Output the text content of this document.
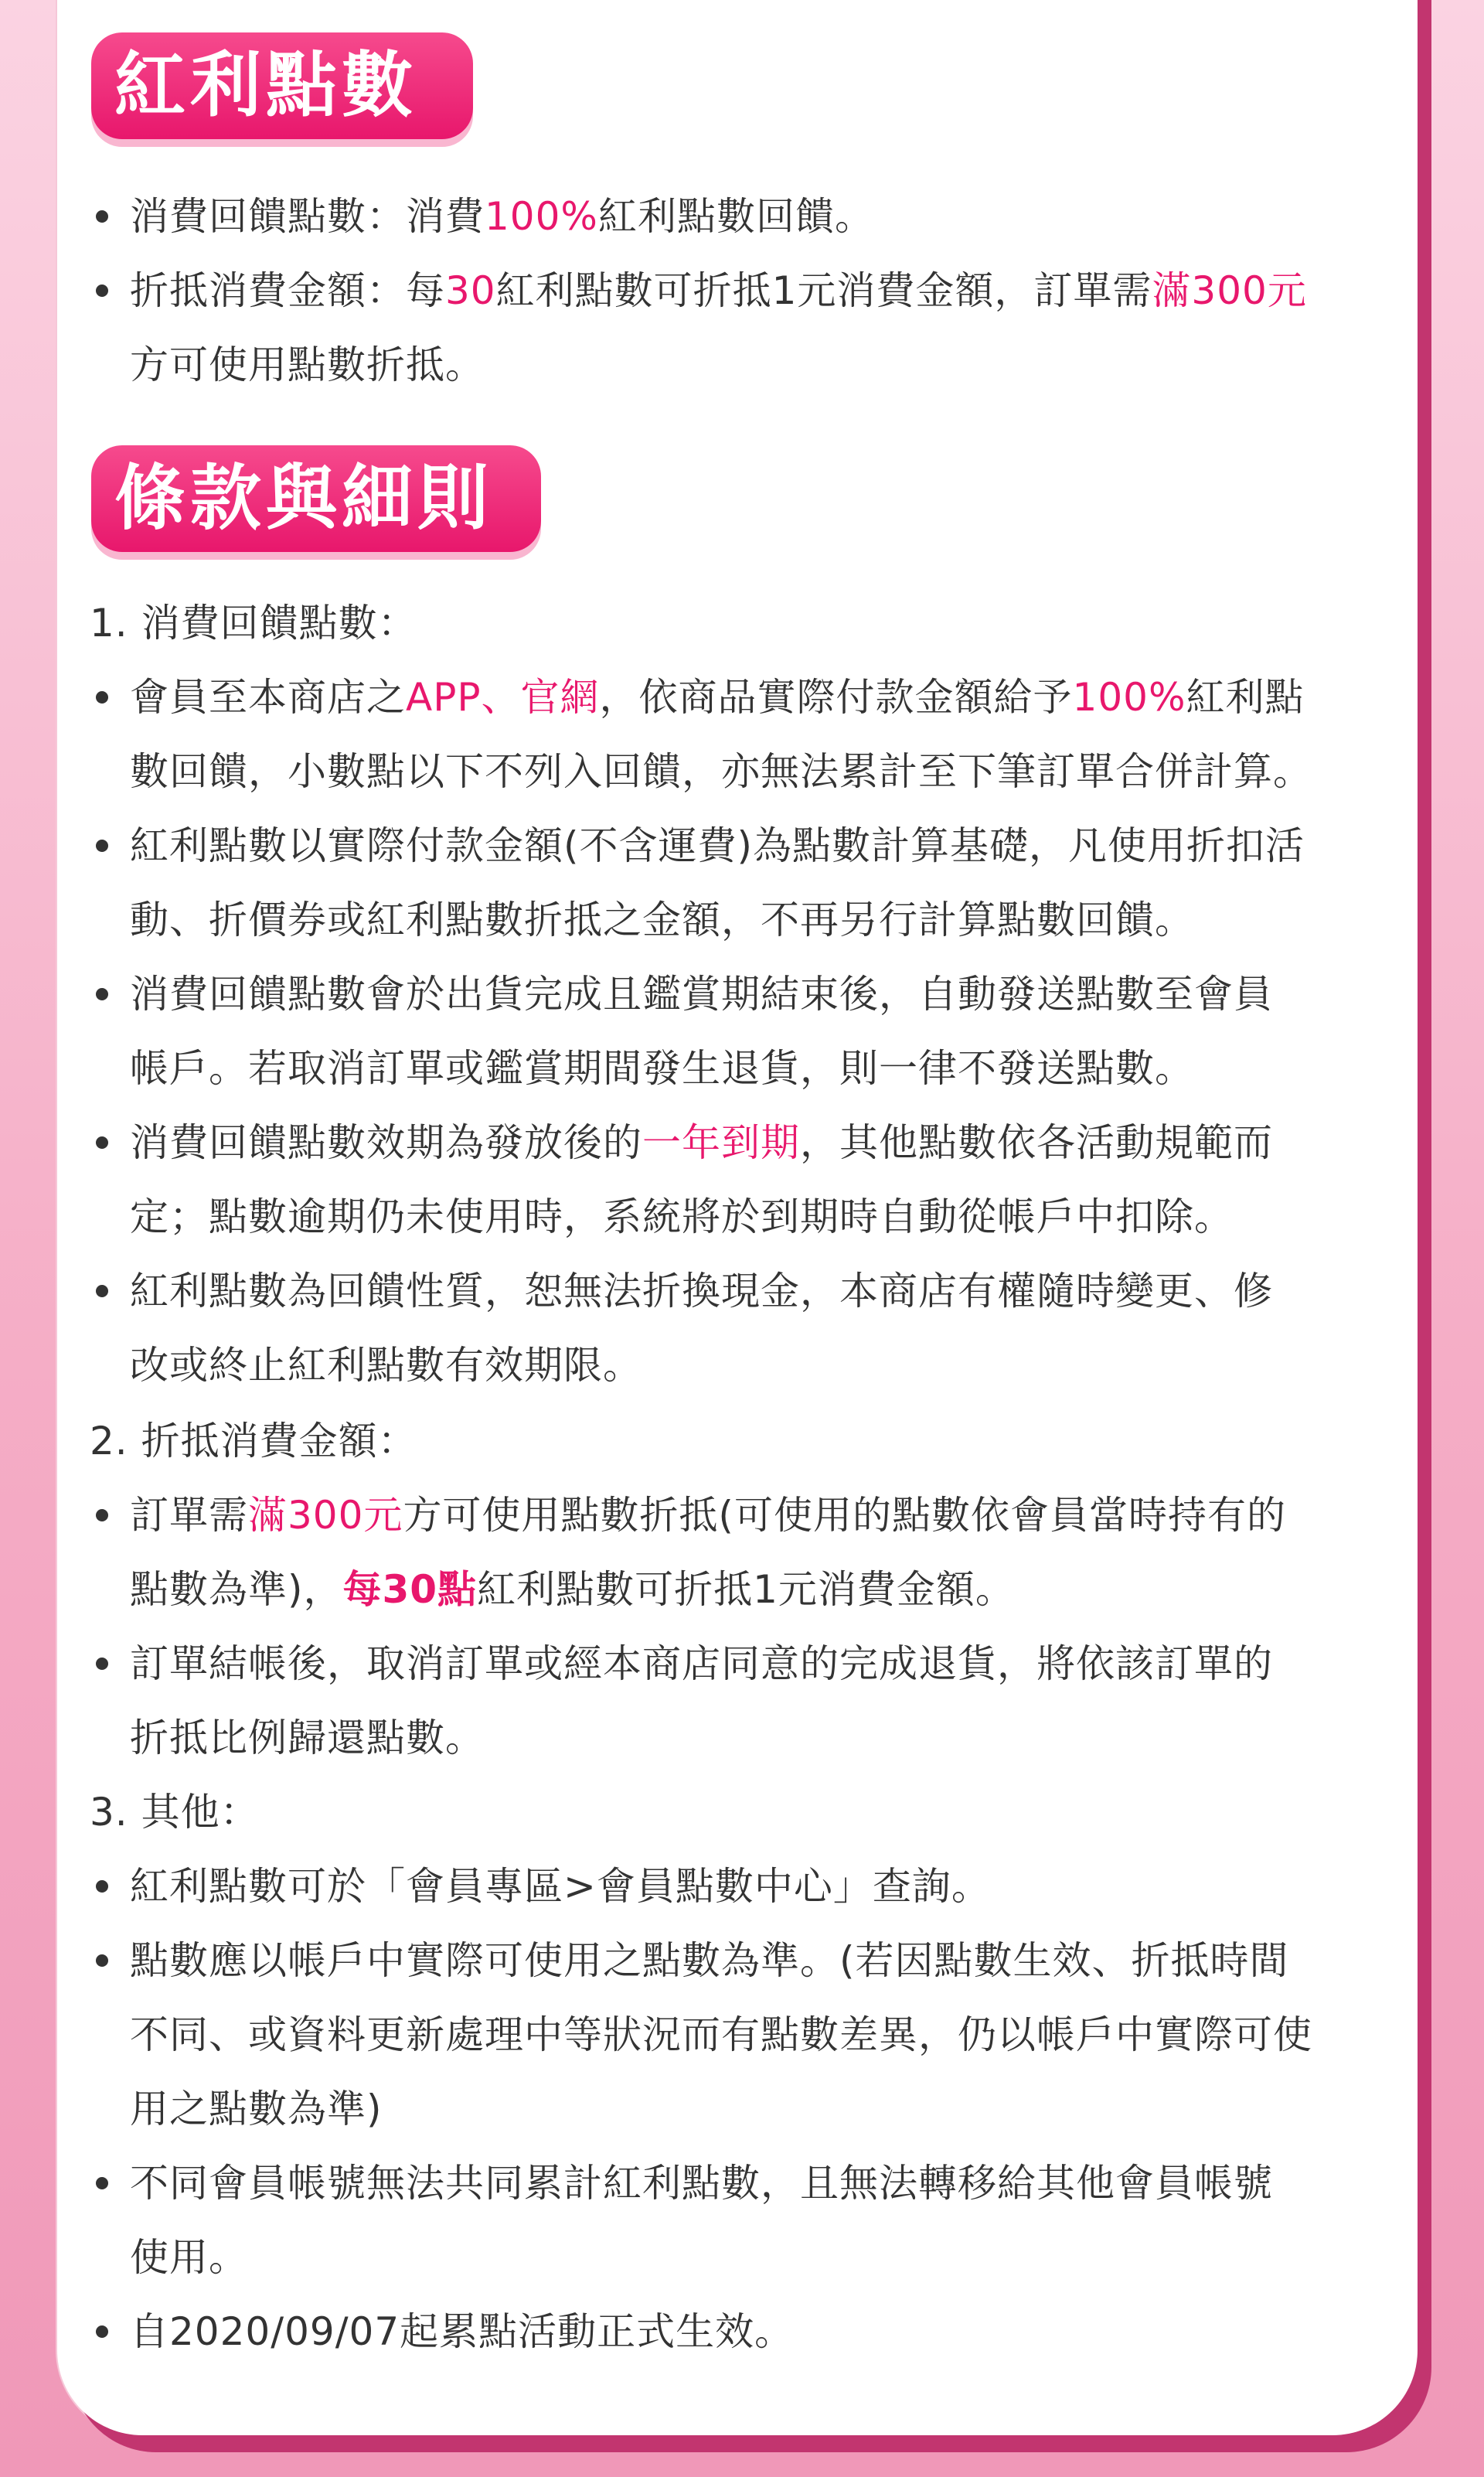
紅利點數
消費回饋點數：消費100%紅利點數回饋。
折抵消費金額：每30紅利點數可折抵1元消費金額，訂單需滿300元
方可使用點數折抵。
條款與細則
1. 消費回饋點數：
會員至本商店之APP、官網，依商品實際付款金額給予100%紅利點
數回饋，小數點以下不列入回饋，亦無法累計至下筆訂單合併計算。
紅利點數以實際付款金額(不含運費)為點數計算基礎，凡使用折扣活
動、折價券或紅利點數折抵之金額，不再另行計算點數回饋。
消費回饋點數會於出貨完成且鑑賞期結束後，自動發送點數至會員
帳戶。若取消訂單或鑑賞期間發生退貨，則一律不發送點數。
消費回饋點數效期為發放後的一年到期，其他點數依各活動規範而
定；點數逾期仍未使用時，系統將於到期時自動從帳戶中扣除。
紅利點數為回饋性質，恕無法折換現金，本商店有權隨時變更、修
改或終止紅利點數有效期限。
2. 折抵消費金額：
訂單需滿300元方可使用點數折抵(可使用的點數依會員當時持有的
點數為準)，每30點紅利點數可折抵1元消費金額。
訂單結帳後，取消訂單或經本商店同意的完成退貨，將依該訂單的
折抵比例歸還點數。
3. 其他：
紅利點數可於「會員專區>會員點數中心」查詢。
點數應以帳戶中實際可使用之點數為準。(若因點數生效、折抵時間
不同、或資料更新處理中等狀況而有點數差異，仍以帳戶中實際可使
用之點數為準)
不同會員帳號無法共同累計紅利點數，且無法轉移給其他會員帳號
使用。
自2020/09/07起累點活動正式生效。
